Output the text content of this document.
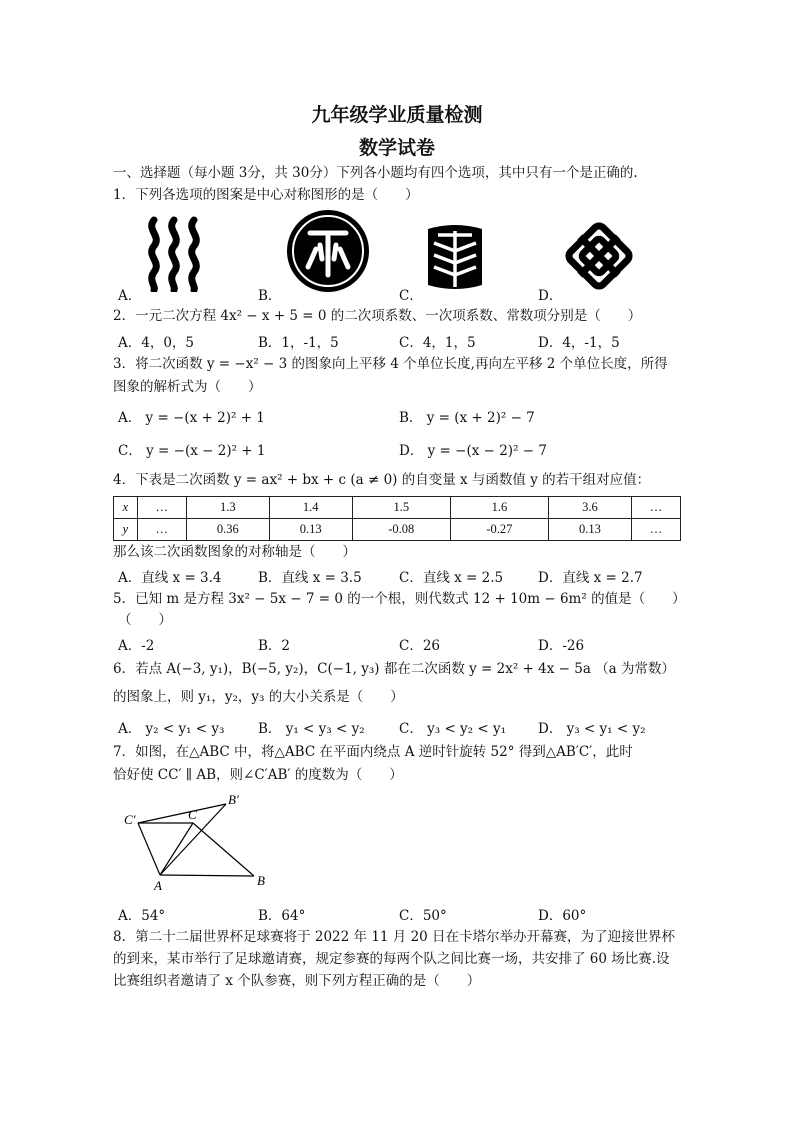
九年级学业质量检测
数学试卷
一、选择题（每小题 3分，共 30分）下列各小题均有四个选项，其中只有一个是正确的.
1．下列各选项的图案是中心对称图形的是（　　）
A．	B．	C．	D．
2．一元二次方程 4x² − x + 5 = 0 的二次项系数、一次项系数、常数项分别是（　　）
A．4，0，5	B．1，-1，5	C．4，1，5	D．4，-1，5
3．将二次函数 y = −x² − 3 的图象向上平移 4 个单位长度,再向左平移 2 个单位长度，所得
图象的解析式为（　　）
A． y = −(x + 2)² + 1	B． y = (x + 2)² − 7
C． y = −(x − 2)² + 1	D． y = −(x − 2)² − 7
4．下表是二次函数 y = ax² + bx + c (a ≠ 0) 的自变量 x 与函数值 y 的若干组对应值：
x	…	1.3	1.4	1.5	1.6	3.6	…
y	…	0.36	0.13	-0.08	-0.27	0.13	…
那么该二次函数图象的对称轴是（　　）
A．直线 x = 3.4	B．直线 x = 3.5	C．直线 x = 2.5	D．直线 x = 2.7
5．已知 m 是方程 3x² − 5x − 7 = 0 的一个根，则代数式 12 + 10m − 6m² 的值是（　　）
（　　）
A．-2	B．2	C．26	D．-26
6．若点 A(−3, y₁)，B(−5, y₂)，C(−1, y₃) 都在二次函数 y = 2x² + 4x − 5a （a 为常数）
的图象上，则 y₁，y₂，y₃ 的大小关系是（　　）
A． y₂ < y₁ < y₃ B． y₁ < y₃ < y₂	C． y₃ < y₂ < y₁ D． y₃ < y₁ < y₂
7．如图，在△ABC 中，将△ABC 在平面内绕点 A 逆时针旋转 52° 得到△AB′C′，此时
恰好使 CC′ ∥ AB，则∠C′AB′ 的度数为（　　）
C′	C
B′
A	B
A．54°	B．64°	C．50°	D．60°
8．第二十二届世界杯足球赛将于 2022 年 11 月 20 日在卡塔尔举办开幕赛，为了迎接世界杯
的到来，某市举行了足球邀请赛，规定参赛的每两个队之间比赛一场，共安排了 60 场比赛.设
比赛组织者邀请了 x 个队参赛，则下列方程正确的是（　　）
